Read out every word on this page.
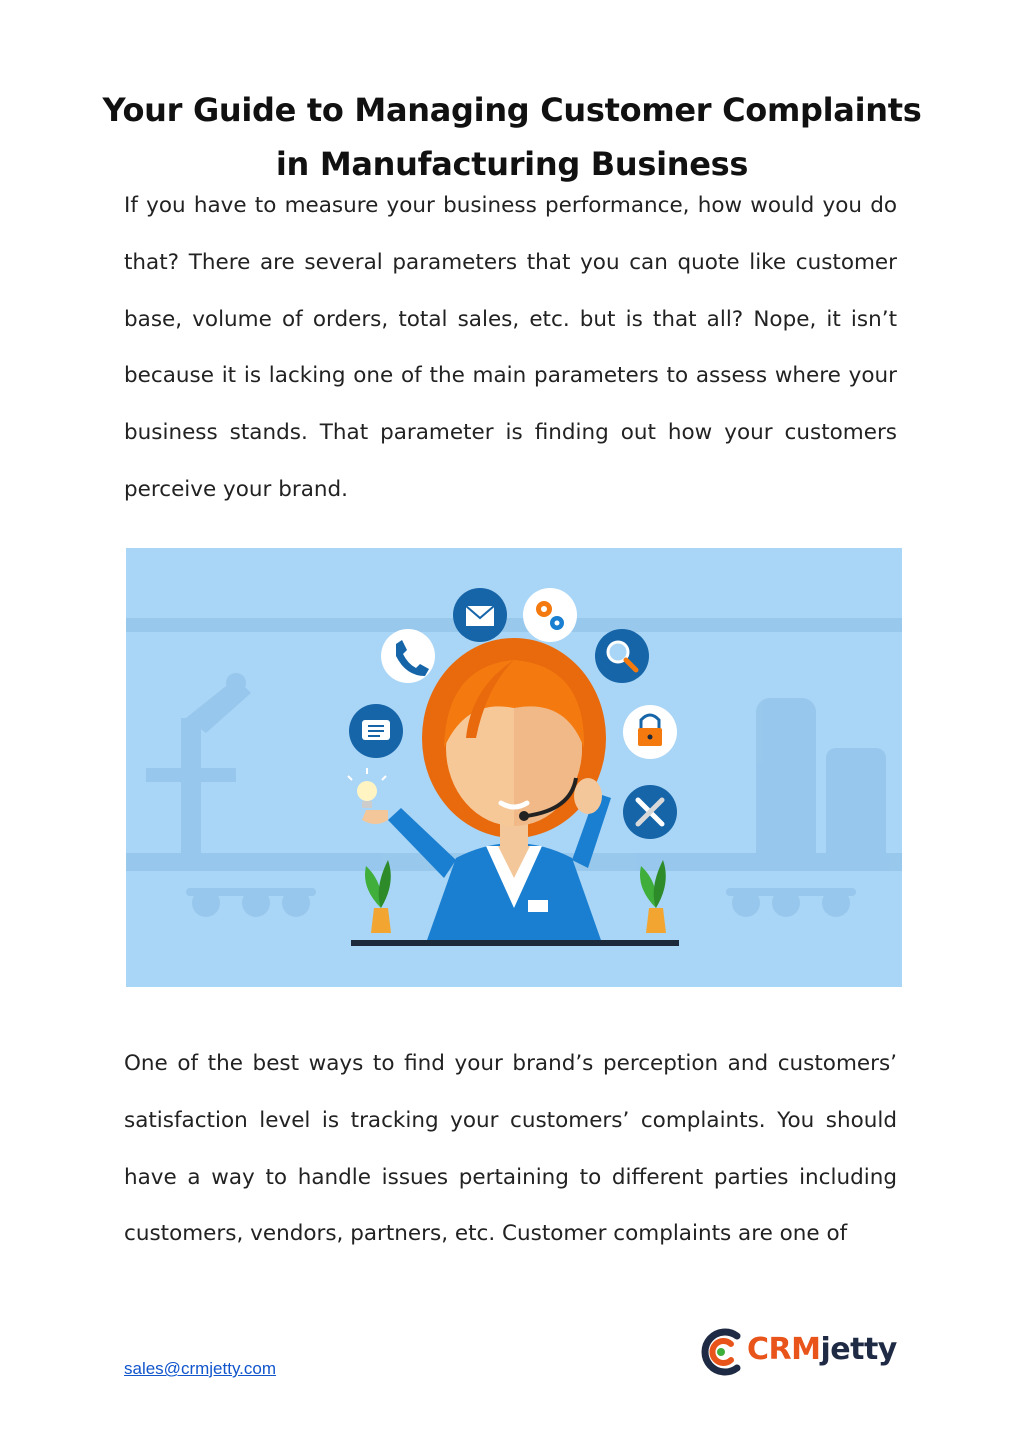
Your Guide to Managing Customer Complaints in Manufacturing Business

If you have to measure your business performance, how would you do that? There are several parameters that you can quote like customer base, volume of orders, total sales, etc. but is that all? Nope, it isn’t because it is lacking one of the main parameters to assess where your business stands. That parameter is finding out how your customers perceive your brand.

One of the best ways to find your brand’s perception and customers’ satisfaction level is tracking your customers’ complaints. You should have a way to handle issues pertaining to different parties including customers, vendors, partners, etc. Customer complaints are one of

sales@crmjetty.com
CRMjetty
